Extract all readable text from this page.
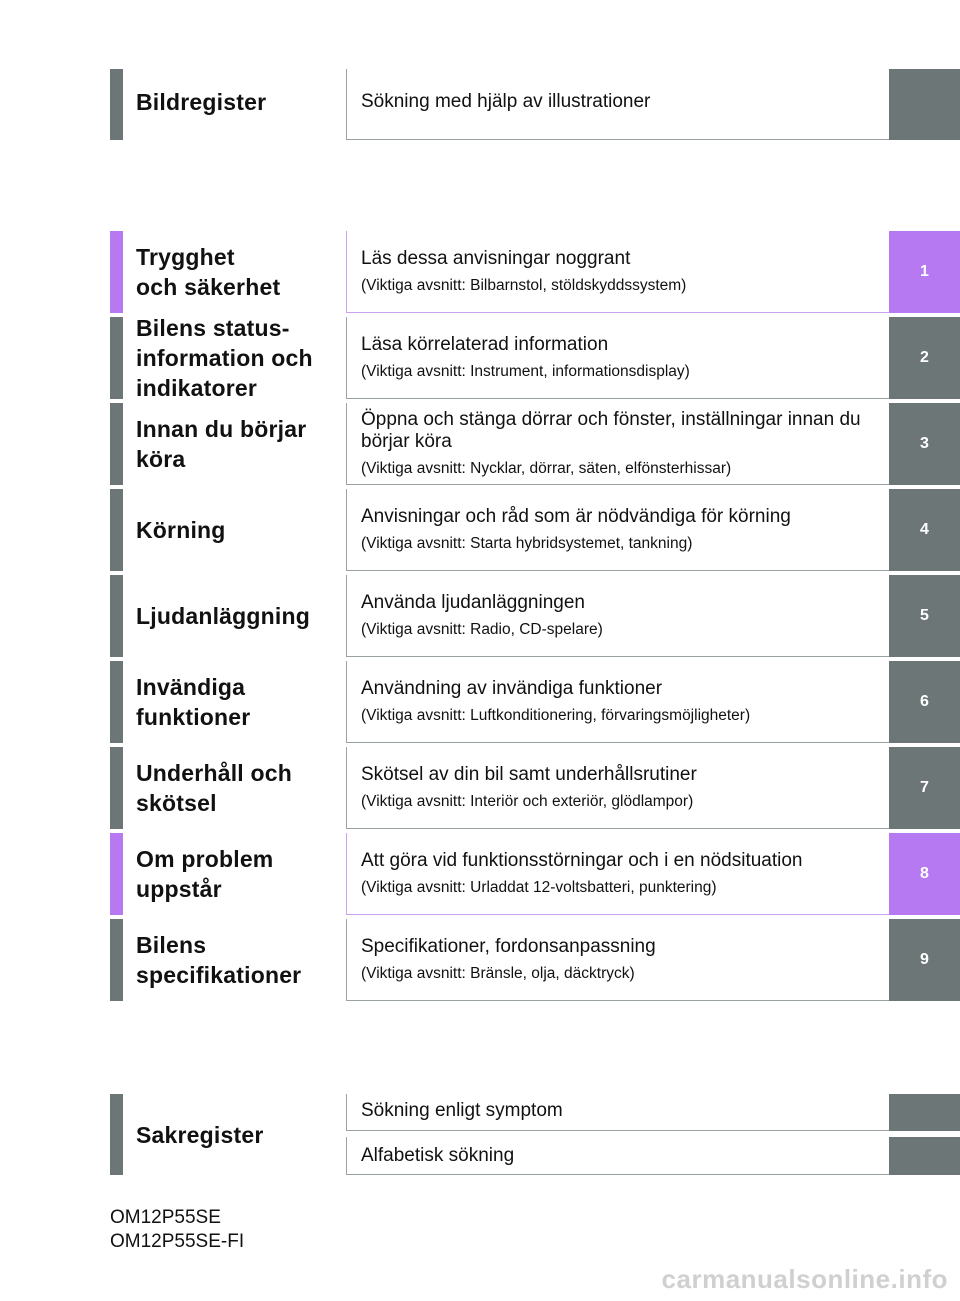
Bildregister	Sökning med hjälp av illustrationer
Trygghet
och säkerhet
Läs dessa anvisningar noggrant
(Viktiga avsnitt: Bilbarnstol, stöldskyddssystem)
1
Bilens status-
information och
indikatorer
Läsa körrelaterad information
(Viktiga avsnitt: Instrument, informationsdisplay)
2
Innan du börjar
köra
Öppna och stänga dörrar och fönster, inställningar innan du börjar köra
(Viktiga avsnitt: Nycklar, dörrar, säten, elfönsterhissar)
3
Körning
Anvisningar och råd som är nödvändiga för körning
(Viktiga avsnitt: Starta hybridsystemet, tankning)
4
Ljudanläggning
Använda ljudanläggningen
(Viktiga avsnitt: Radio, CD-spelare)
5
Invändiga
funktioner
Användning av invändiga funktioner
(Viktiga avsnitt: Luftkonditionering, förvaringsmöjligheter)
6
Underhåll och
skötsel
Skötsel av din bil samt underhållsrutiner
(Viktiga avsnitt: Interiör och exteriör, glödlampor)
7
Om problem
uppstår
Att göra vid funktionsstörningar och i en nödsituation
(Viktiga avsnitt: Urladdat 12-voltsbatteri, punktering)
8
Bilens
specifikationer
Specifikationer, fordonsanpassning
(Viktiga avsnitt: Bränsle, olja, däcktryck)
9
Sakregister
Sökning enligt symptom
Alfabetisk sökning
OM12P55SE
OM12P55SE-FI
carmanualsonline.info
